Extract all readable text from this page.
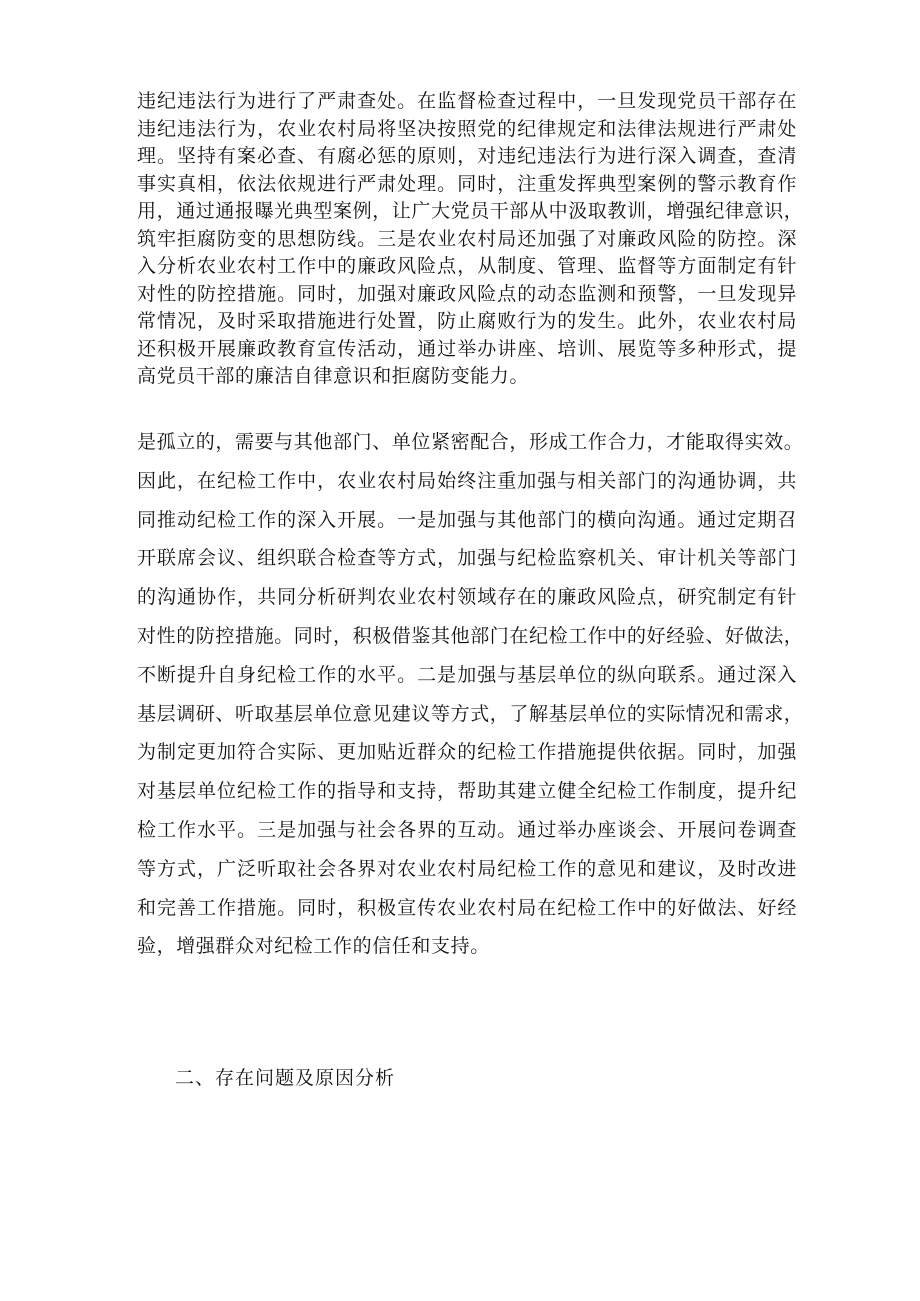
违纪违法行为进行了严肃查处。在监督检查过程中，一旦发现党员干部存在
违纪违法行为，农业农村局将坚决按照党的纪律规定和法律法规进行严肃处
理。坚持有案必查、有腐必惩的原则，对违纪违法行为进行深入调查，查清
事实真相，依法依规进行严肃处理。同时，注重发挥典型案例的警示教育作
用，通过通报曝光典型案例，让广大党员干部从中汲取教训，增强纪律意识，
筑牢拒腐防变的思想防线。三是农业农村局还加强了对廉政风险的防控。深
入分析农业农村工作中的廉政风险点，从制度、管理、监督等方面制定有针
对性的防控措施。同时，加强对廉政风险点的动态监测和预警，一旦发现异
常情况，及时采取措施进行处置，防止腐败行为的发生。此外，农业农村局
还积极开展廉政教育宣传活动，通过举办讲座、培训、展览等多种形式，提
高党员干部的廉洁自律意识和拒腐防变能力。

是孤立的，需要与其他部门、单位紧密配合，形成工作合力，才能取得实效。
因此，在纪检工作中，农业农村局始终注重加强与相关部门的沟通协调，共
同推动纪检工作的深入开展。一是加强与其他部门的横向沟通。通过定期召
开联席会议、组织联合检查等方式，加强与纪检监察机关、审计机关等部门
的沟通协作，共同分析研判农业农村领域存在的廉政风险点，研究制定有针
对性的防控措施。同时，积极借鉴其他部门在纪检工作中的好经验、好做法，
不断提升自身纪检工作的水平。二是加强与基层单位的纵向联系。通过深入
基层调研、听取基层单位意见建议等方式，了解基层单位的实际情况和需求，
为制定更加符合实际、更加贴近群众的纪检工作措施提供依据。同时，加强
对基层单位纪检工作的指导和支持，帮助其建立健全纪检工作制度，提升纪
检工作水平。三是加强与社会各界的互动。通过举办座谈会、开展问卷调查
等方式，广泛听取社会各界对农业农村局纪检工作的意见和建议，及时改进
和完善工作措施。同时，积极宣传农业农村局在纪检工作中的好做法、好经
验，增强群众对纪检工作的信任和支持。

二、存在问题及原因分析
